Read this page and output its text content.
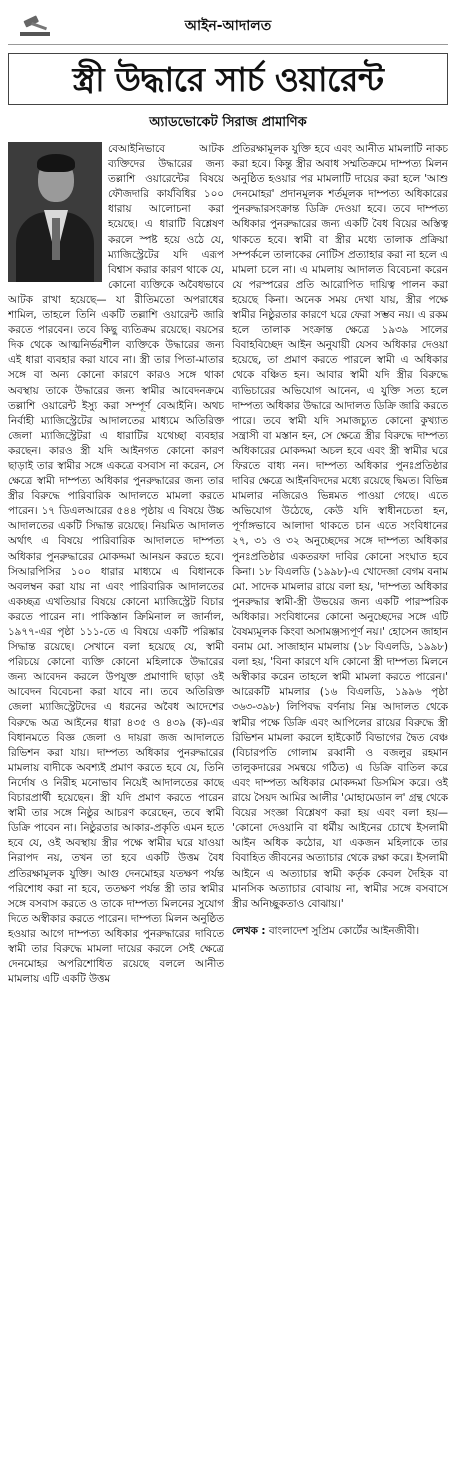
আইন-আদালত
স্ত্রী উদ্ধারে সার্চ ওয়ারেন্ট
অ্যাডভোকেট সিরাজ প্রামাণিক

বেআইনিভাবে আটক ব্যক্তিদের উদ্ধারের জন্য তল্লাশি ওয়ারেন্টের বিষয়ে ফৌজদারি কার্যবিধির ১০০ ধারায় আলোচনা করা হয়েছে। এ ধারাটি বিশ্লেষণ করলে স্পষ্ট হয়ে ওঠে যে, ম্যাজিস্ট্রেটের যদি এরূপ বিশ্বাস করার কারণ থাকে যে, কোনো ব্যক্তিকে অবৈধভাবে আটক রাখা হয়েছে— যা রীতিমতো অপরাধের শামিল, তাহলে তিনি একটি তল্লাশি ওয়ারেন্ট জারি করতে পারবেন। তবে কিছু ব্যতিক্রম রয়েছে। বয়সের দিক থেকে আত্মনির্ভরশীল ব্যক্তিকে উদ্ধারের জন্য এই ধারা ব্যবহার করা যাবে না। স্ত্রী তার পিতা-মাতার সঙ্গে বা অন্য কোনো কারণে কারও সঙ্গে থাকা অবস্থায় তাকে উদ্ধারের জন্য স্বামীর আবেদনক্রমে তল্লাশি ওয়ারেন্ট ইস্যু করা সম্পূর্ণ বেআইনি। অথচ নির্বাহী ম্যাজিস্ট্রেটের আদালতের মাধ্যমে অতিরিক্ত জেলা ম্যাজিস্ট্রেটরা এ ধারাটির যথেচ্ছা ব্যবহার করছেন। কারও স্ত্রী যদি আইনগত কোনো কারণ ছাড়াই তার স্বামীর সঙ্গে একত্রে বসবাস না করেন, সে ক্ষেত্রে স্বামী দাম্পত্য অধিকার পুনরুদ্ধারের জন্য তার স্ত্রীর বিরুদ্ধে পারিবারিক আদালতে মামলা করতে পারেন। ১৭ ডিএলআরের ৫৪৪ পৃষ্ঠায় এ বিষয়ে উচ্চ আদালতের একটি সিদ্ধান্ত রয়েছে। নিয়মিত আদালত অর্থাৎ এ বিষয়ে পারিবারিক আদালতে দাম্পত্য অধিকার পুনরুদ্ধারের মোকদ্দমা আনয়ন করতে হবে। সিআরপিসির ১০০ ধারার মাধ্যমে এ বিধানকে অবলম্বন করা যায় না এবং পারিবারিক আদালতের একচ্ছত্র এখতিয়ার বিষয়ে কোনো ম্যাজিস্ট্রেট বিচার করতে পারেন না। পাকিস্তান ক্রিমিনাল ল জার্নাল, ১৯৭৭-এর পৃষ্ঠা ১১১-তে এ বিষয়ে একটি পরিষ্কার সিদ্ধান্ত রয়েছে। সেখানে বলা হয়েছে যে, স্বামী পরিচয়ে কোনো ব্যক্তি কোনো মহিলাকে উদ্ধারের জন্য আবেদন করলে উপযুক্ত প্রমাণাদি ছাড়া ওই আবেদন বিবেচনা করা যাবে না। তবে অতিরিক্ত জেলা ম্যাজিস্ট্রেটদের এ ধরনের অবৈধ আদেশের বিরুদ্ধে অত্র আইনের ধারা ৪৩৫ ও ৪৩৯ (ক)-এর বিধানমতে বিজ্ঞ জেলা ও দায়রা জজ আদালতে রিভিশন করা যায়। দাম্পত্য অধিকার পুনরুদ্ধারের মামলায় বাদীকে অবশ্যই প্রমাণ করতে হবে যে, তিনি নির্দোষ ও নিরীহ মনোভাব নিয়েই আদালতের কাছে বিচারপ্রার্থী হয়েছেন। স্ত্রী যদি প্রমাণ করতে পারেন স্বামী তার সঙ্গে নিষ্ঠুর আচরণ করেছেন, তবে স্বামী ডিক্রি পাবেন না। নিষ্ঠুরতার আকার-প্রকৃতি এমন হতে হবে যে, ওই অবস্থায় স্ত্রীর পক্ষে স্বামীর ঘরে যাওয়া নিরাপদ নয়, তখন তা হবে একটি উত্তম বৈধ প্রতিরক্ষামূলক যুক্তি। আগু দেনমোহর যতক্ষণ পর্যন্ত পরিশোধ করা না হবে, ততক্ষণ পর্যন্ত স্ত্রী তার স্বামীর সঙ্গে বসবাস করতে ও তাকে দাম্পত্য মিলনের সুযোগ দিতে অস্বীকার করতে পারেন। দাম্পত্য মিলন অনুষ্ঠিত হওয়ার আগে দাম্পত্য অধিকার পুনরুদ্ধারের দাবিতে স্বামী তার বিরুদ্ধে মামলা দায়ের করলে সেই ক্ষেত্রে দেনমোহর অপরিশোধিত রয়েছে বললে আনীত মামলায় এটি একটি উত্তম

প্রতিরক্ষামূলক যুক্তি হবে এবং আনীত মামলাটি নাকচ করা হবে। কিন্তু স্ত্রীর অবাধ সম্মতিক্রমে দাম্পত্য মিলন অনুষ্ঠিত হওয়ার পর মামলাটি দায়ের করা হলে 'আশু দেনমোহর' প্রদানমূলক শর্তমূলক দাম্পত্য অধিকারের পুনরুদ্ধারসংক্রান্ত ডিক্রি দেওয়া হবে। তবে দাম্পত্য অধিকার পুনরুদ্ধারের জন্য একটি বৈধ বিয়ের অস্তিত্ব থাকতে হবে। স্বামী বা স্ত্রীর মধ্যে তালাক প্রক্রিয়া সম্পর্কলে তালাকের নোটিস প্রত্যাহার করা না হলে এ মামলা চলে না। এ মামলায় আদালত বিবেচনা করেন যে পরস্পরের প্রতি আরোপিত দায়িত্ব পালন করা হয়েছে কিনা। অনেক সময় দেখা যায়, স্ত্রীর পক্ষে স্বামীর নিষ্ঠুরতার কারণে ঘরে ফেরা সম্ভব নয়। এ রকম হলে তালাক সংক্রান্ত ক্ষেত্রে ১৯৩৯ সালের বিবাহবিচ্ছেদ আইন অনুযায়ী যেসব অধিকার দেওয়া হয়েছে, তা প্রমাণ করতে পারলে স্বামী এ অধিকার থেকে বঞ্চিত হন। আবার স্বামী যদি স্ত্রীর বিরুদ্ধে ব্যভিচারের অভিযোগ আনেন, এ যুক্তি সত্য হলে দাম্পত্য অধিকার উদ্ধারে আদালত ডিক্রি জারি করতে পারে। তবে স্বামী যদি সমাজচ্যুত কোনো কুখ্যাত সন্ত্রাসী বা মস্তান হন, সে ক্ষেত্রে স্ত্রীর বিরুদ্ধে দাম্পত্য অধিকারের মোকদ্দমা অচল হবে এবং স্ত্রী স্বামীর ঘরে ফিরতে বাধ্য নন। দাম্পত্য অধিকার পুনঃপ্রতিষ্ঠার দাবির ক্ষেত্রে আইনবিদদের মধ্যে রয়েছে দ্বিমত। বিভিন্ন মামলার নজিরেও ভিন্নমত পাওয়া গেছে। এতে অভিযোগ উঠেছে, কেউ যদি স্বাধীনচেতা হন, পূর্ণাঙ্গভাবে আলাদা থাকতে চান এতে সংবিধানের ২৭, ৩১ ও ৩২ অনুচ্ছেদের সঙ্গে দাম্পত্য অধিকার পুনঃপ্রতিষ্ঠার একতরফা দাবির কোনো সংঘাত হবে কিনা। ১৮ বিএলডি (১৯৯৮)-এ খোদেজা বেগম বনাম মো. সাদেক মামলার রায়ে বলা হয়, 'দাম্পত্য অধিকার পুনরুদ্ধার স্বামী-স্ত্রী উভয়ের জন্য একটি পারস্পরিক অধিকার। সংবিধানের কোনো অনুচ্ছেদের সঙ্গে এটি বৈষম্যমূলক কিংবা অসামঞ্জস্যপূর্ণ নয়।' হোসেন জাহান বনাম মো. সাজাহান মামলায় (১৮ বিএলডি, ১৯৯৮) বলা হয়, 'বিনা কারণে যদি কোনো স্ত্রী দাম্পত্য মিলনে অস্বীকার করেন তাহলে স্বামী মামলা করতে পারেন।' আরেকটি মামলার (১৬ বিএলডি, ১৯৯৬ পৃষ্ঠা ৩৬৩-৩৯৮) লিপিবদ্ধ বর্ণনায় নিম্ন আদালত থেকে স্বামীর পক্ষে ডিক্রি এবং আপিলের রায়ের বিরুদ্ধে স্ত্রী রিভিশন মামলা করলে হাইকোর্ট বিভাগের দ্বৈত বেঞ্চ (বিচারপতি গোলাম রব্বানী ও বজলুর রহমান তালুকদারের সমন্বয়ে গঠিত) এ ডিক্রি বাতিল করে এবং দাম্পত্য অধিকার মোকদ্দমা ডিসমিস করে। ওই রায়ে সৈয়দ আমির আলীর 'মোহামেডান ল' গ্রন্থ থেকে বিয়ের সংজ্ঞা বিশ্লেষণ করা হয় এবং বলা হয়— 'কোনো দেওয়ানি বা ধর্মীয় আইনের চোখে ইসলামী আইন অধিক কঠোর, যা একজন মহিলাকে তার বিবাহিত জীবনের অত্যাচার থেকে রক্ষা করে। ইসলামী আইনে এ অত্যাচার স্বামী কর্তৃক কেবল দৈহিক বা মানসিক অত্যাচার বোঝায় না, স্বামীর সঙ্গে বসবাসে স্ত্রীর অনিচ্ছুকতাও বোঝায়।'

লেখক : বাংলাদেশ সুপ্রিম কোর্টের আইনজীবী।
